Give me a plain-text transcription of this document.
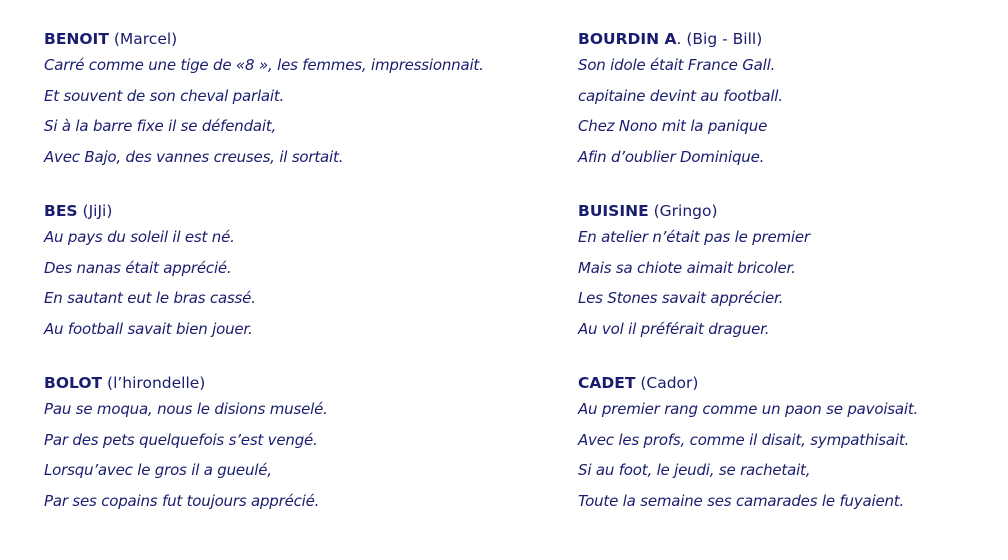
BENOIT (Marcel)
Carré comme une tige de «8 », les femmes, impressionnait.
Et souvent de son cheval parlait.
Si à la barre fixe il se défendait,
Avec Bajo, des vannes creuses, il sortait.
BES (JiJi)
Au pays du soleil il est né.
Des nanas était apprécié.
En sautant eut le bras cassé.
Au football savait bien jouer.
BOLOT (l’hirondelle)
Pau se moqua, nous le disions muselé.
Par des pets quelquefois s’est vengé.
Lorsqu’avec le gros il a gueulé,
Par ses copains fut toujours apprécié.
BOURDIN A. (Big - Bill)
Son idole était France Gall.
capitaine devint au football.
Chez Nono mit la panique
Afin d’oublier Dominique.
BUISINE (Gringo)
En atelier n’était pas le premier
Mais sa chiote aimait bricoler.
Les Stones savait apprécier.
Au vol il préférait draguer.
CADET (Cador)
Au premier rang comme un paon se pavoisait.
Avec les profs, comme il disait, sympathisait.
Si au foot, le jeudi, se rachetait,
Toute la semaine ses camarades le fuyaient.
